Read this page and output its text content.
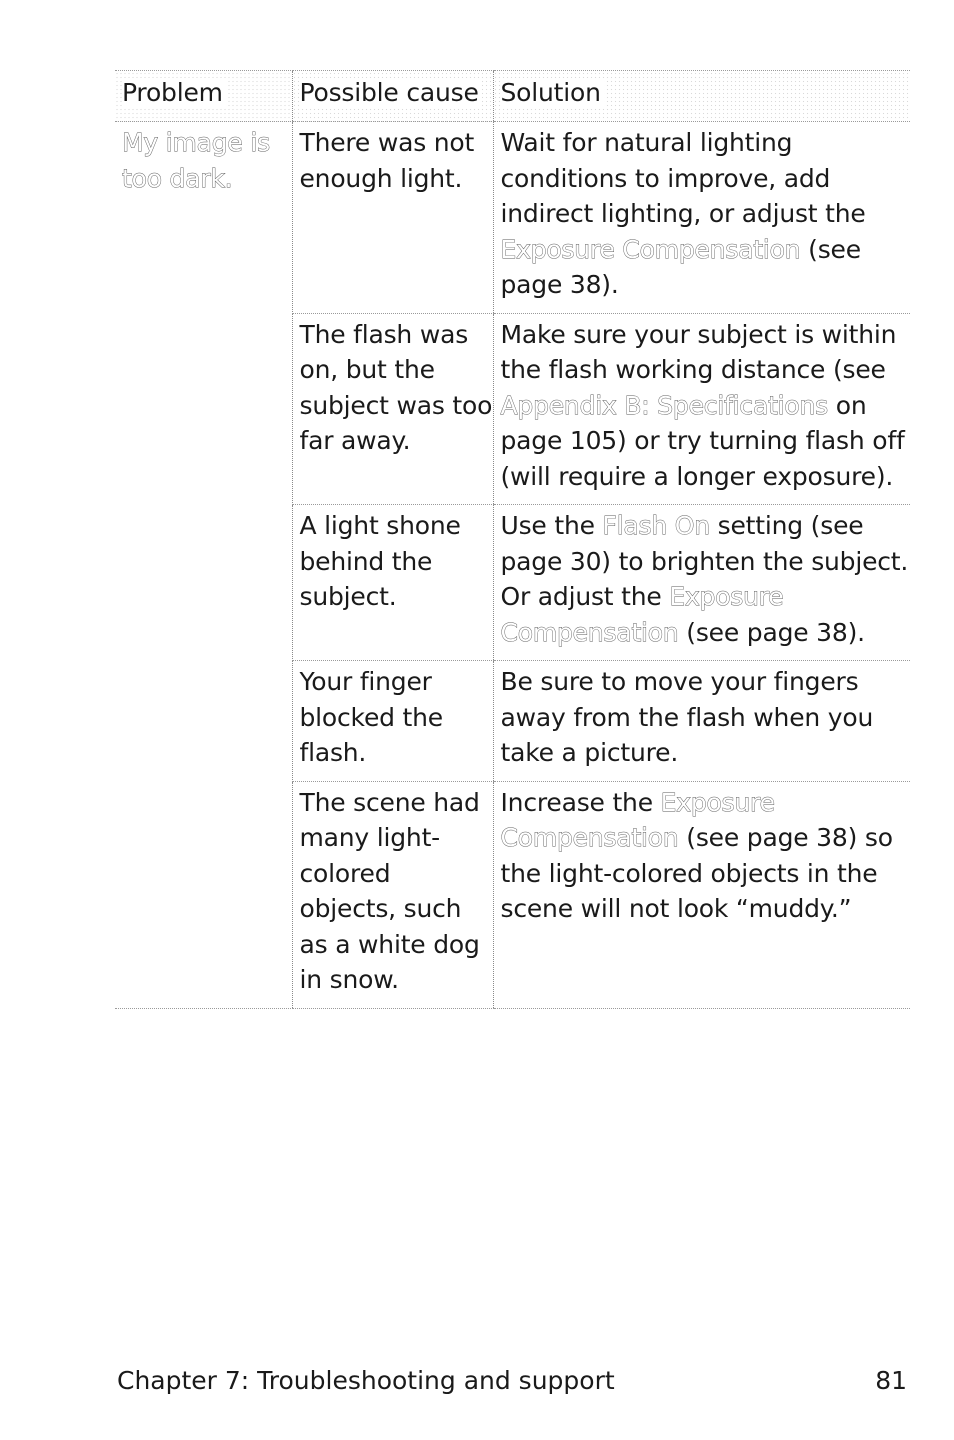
Problem	Possible cause	Solution
My image is too dark.	There was not enough light.	Wait for natural lighting conditions to improve, add indirect lighting, or adjust the Exposure Compensation (see page 38).
	The flash was on, but the subject was too far away.	Make sure your subject is within the flash working distance (see Appendix B: Specifications on page 105) or try turning flash off (will require a longer exposure).
	A light shone behind the subject.	Use the Flash On setting (see page 30) to brighten the subject. Or adjust the Exposure Compensation (see page 38).
	Your finger blocked the flash.	Be sure to move your fingers away from the flash when you take a picture.
	The scene had many light-colored objects, such as a white dog in snow.	Increase the Exposure Compensation (see page 38) so the light-colored objects in the scene will not look “muddy.”
Chapter 7: Troubleshooting and support	81
